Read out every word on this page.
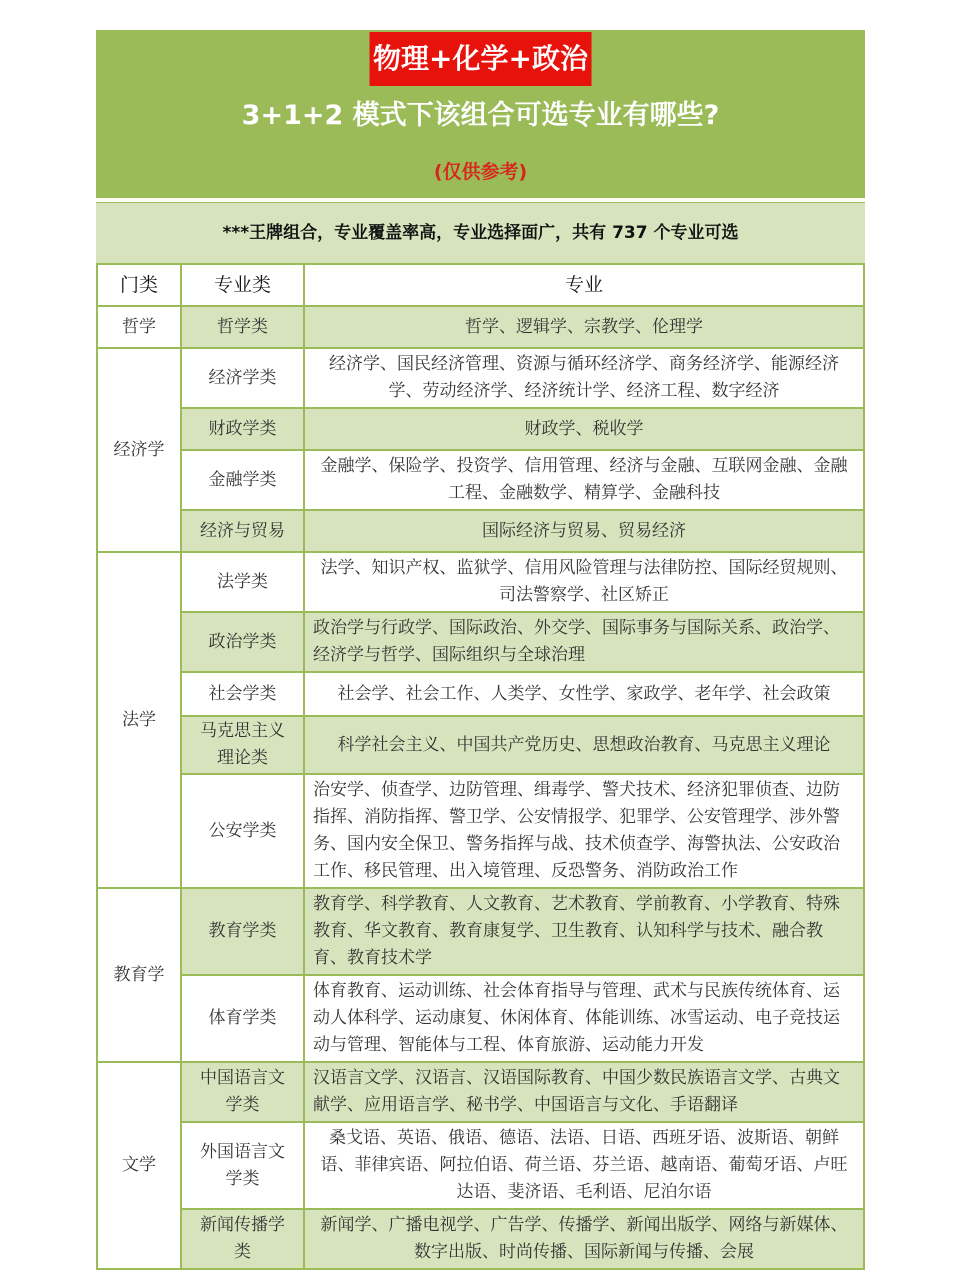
物理+化学+政治
3+1+2 模式下该组合可选专业有哪些?
(仅供参考)
***王牌组合，专业覆盖率高，专业选择面广，共有 737 个专业可选
门类	专业类	专业
哲学	哲学类	哲学、逻辑学、宗教学、伦理学
经济学	经济学类	经济学、国民经济管理、资源与循环经济学、商务经济学、能源经济学、劳动经济学、经济统计学、经济工程、数字经济
	财政学类	财政学、税收学
	金融学类	金融学、保险学、投资学、信用管理、经济与金融、互联网金融、金融工程、金融数学、精算学、金融科技
	经济与贸易	国际经济与贸易、贸易经济
法学	法学类	法学、知识产权、监狱学、信用风险管理与法律防控、国际经贸规则、司法警察学、社区矫正
	政治学类	政治学与行政学、国际政治、外交学、国际事务与国际关系、政治学、经济学与哲学、国际组织与全球治理
	社会学类	社会学、社会工作、人类学、女性学、家政学、老年学、社会政策
	马克思主义理论类	科学社会主义、中国共产党历史、思想政治教育、马克思主义理论
	公安学类	治安学、侦查学、边防管理、缉毒学、警犬技术、经济犯罪侦查、边防指挥、消防指挥、警卫学、公安情报学、犯罪学、公安管理学、涉外警务、国内安全保卫、警务指挥与战、技术侦查学、海警执法、公安政治工作、移民管理、出入境管理、反恐警务、消防政治工作
教育学	教育学类	教育学、科学教育、人文教育、艺术教育、学前教育、小学教育、特殊教育、华文教育、教育康复学、卫生教育、认知科学与技术、融合教育、教育技术学
	体育学类	体育教育、运动训练、社会体育指导与管理、武术与民族传统体育、运动人体科学、运动康复、休闲体育、体能训练、冰雪运动、电子竞技运动与管理、智能体与工程、体育旅游、运动能力开发
文学	中国语言文学类	汉语言文学、汉语言、汉语国际教育、中国少数民族语言文学、古典文献学、应用语言学、秘书学、中国语言与文化、手语翻译
	外国语言文学类	桑戈语、英语、俄语、德语、法语、日语、西班牙语、波斯语、朝鲜语、菲律宾语、阿拉伯语、荷兰语、芬兰语、越南语、葡萄牙语、卢旺达语、斐济语、毛利语、尼泊尔语
	新闻传播学类	新闻学、广播电视学、广告学、传播学、新闻出版学、网络与新媒体、数字出版、时尚传播、国际新闻与传播、会展
